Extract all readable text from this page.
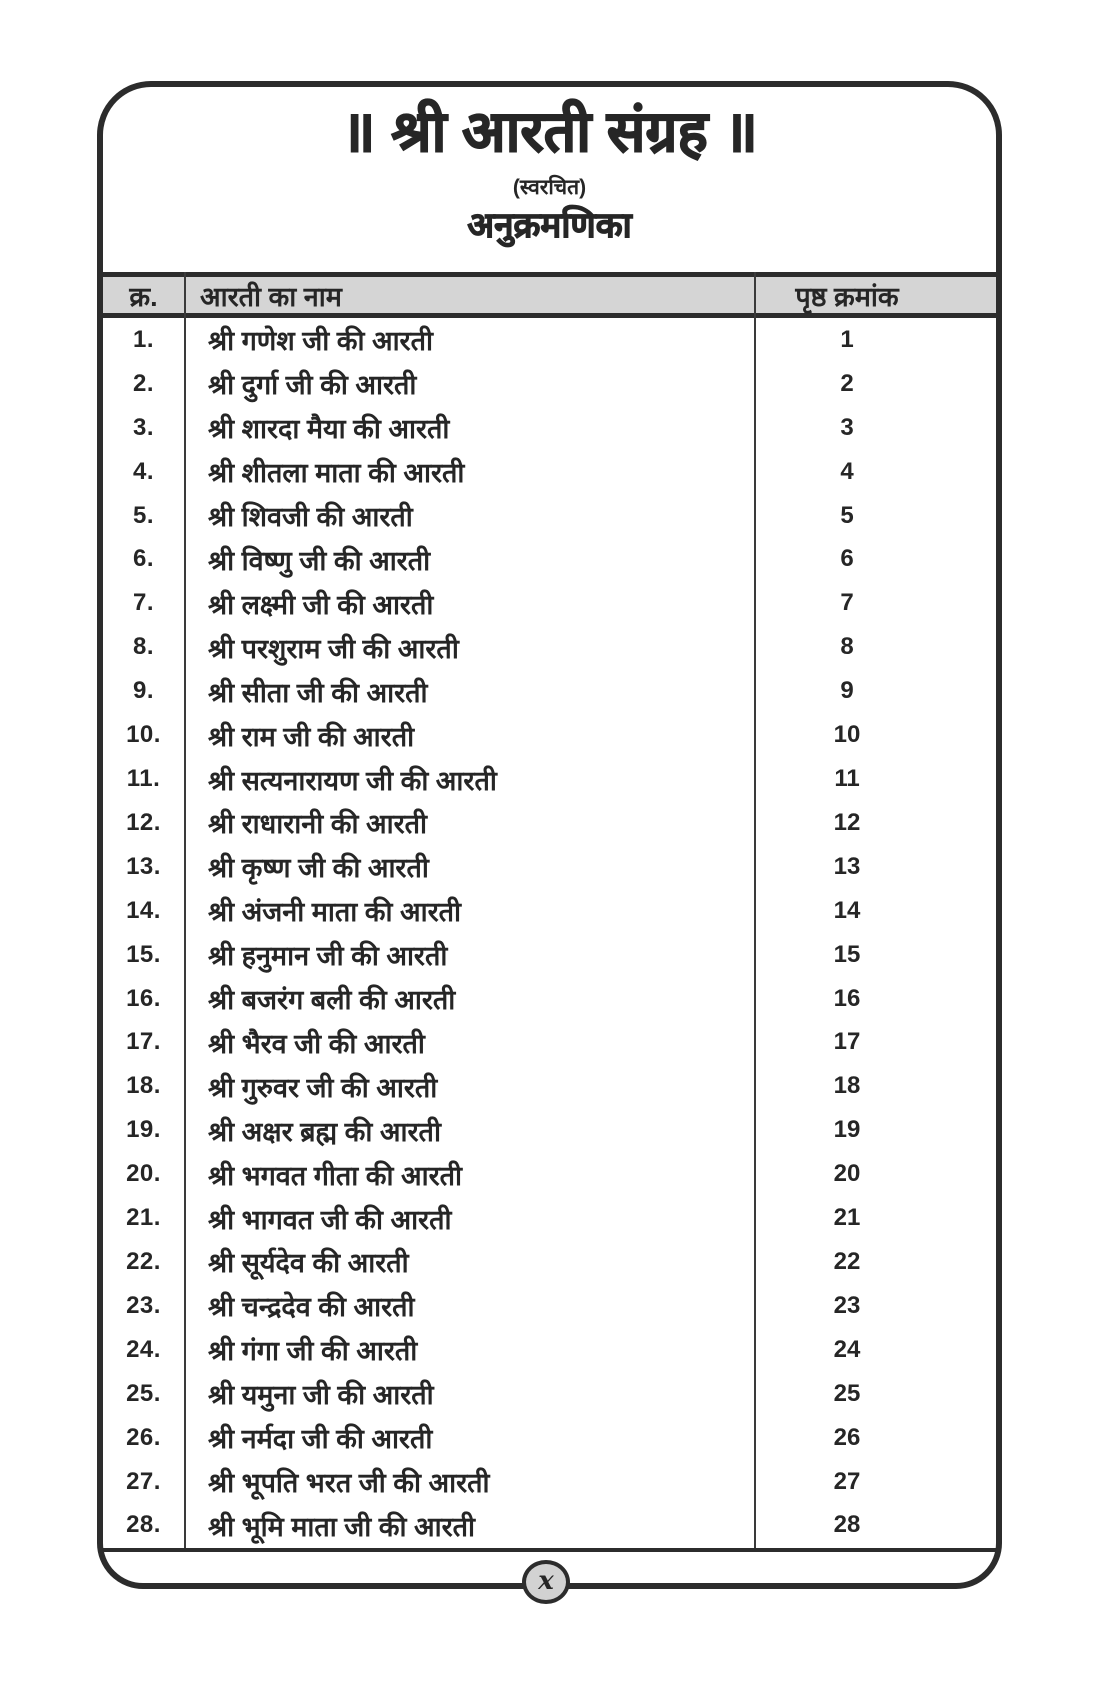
॥ श्री आरती संग्रह ॥
(स्वरचित)
अनुक्रमणिका
क्र.	आरती का नाम	पृष्ठ क्रमांक
1.	श्री गणेश जी की आरती	1
2.	श्री दुर्गा जी की आरती	2
3.	श्री शारदा मैया की आरती	3
4.	श्री शीतला माता की आरती	4
5.	श्री शिवजी की आरती	5
6.	श्री विष्णु जी की आरती	6
7.	श्री लक्ष्मी जी की आरती	7
8.	श्री परशुराम जी की आरती	8
9.	श्री सीता जी की आरती	9
10.	श्री राम जी की आरती	10
11.	श्री सत्यनारायण जी की आरती	11
12.	श्री राधारानी की आरती	12
13.	श्री कृष्ण जी की आरती	13
14.	श्री अंजनी माता की आरती	14
15.	श्री हनुमान जी की आरती	15
16.	श्री बजरंग बली की आरती	16
17.	श्री भैरव जी की आरती	17
18.	श्री गुरुवर जी की आरती	18
19.	श्री अक्षर ब्रह्म की आरती	19
20.	श्री भगवत गीता की आरती	20
21.	श्री भागवत जी की आरती	21
22.	श्री सूर्यदेव की आरती	22
23.	श्री चन्द्रदेव की आरती	23
24.	श्री गंगा जी की आरती	24
25.	श्री यमुना जी की आरती	25
26.	श्री नर्मदा जी की आरती	26
27.	श्री भूपति भरत जी की आरती	27
28.	श्री भूमि माता जी की आरती	28
x
